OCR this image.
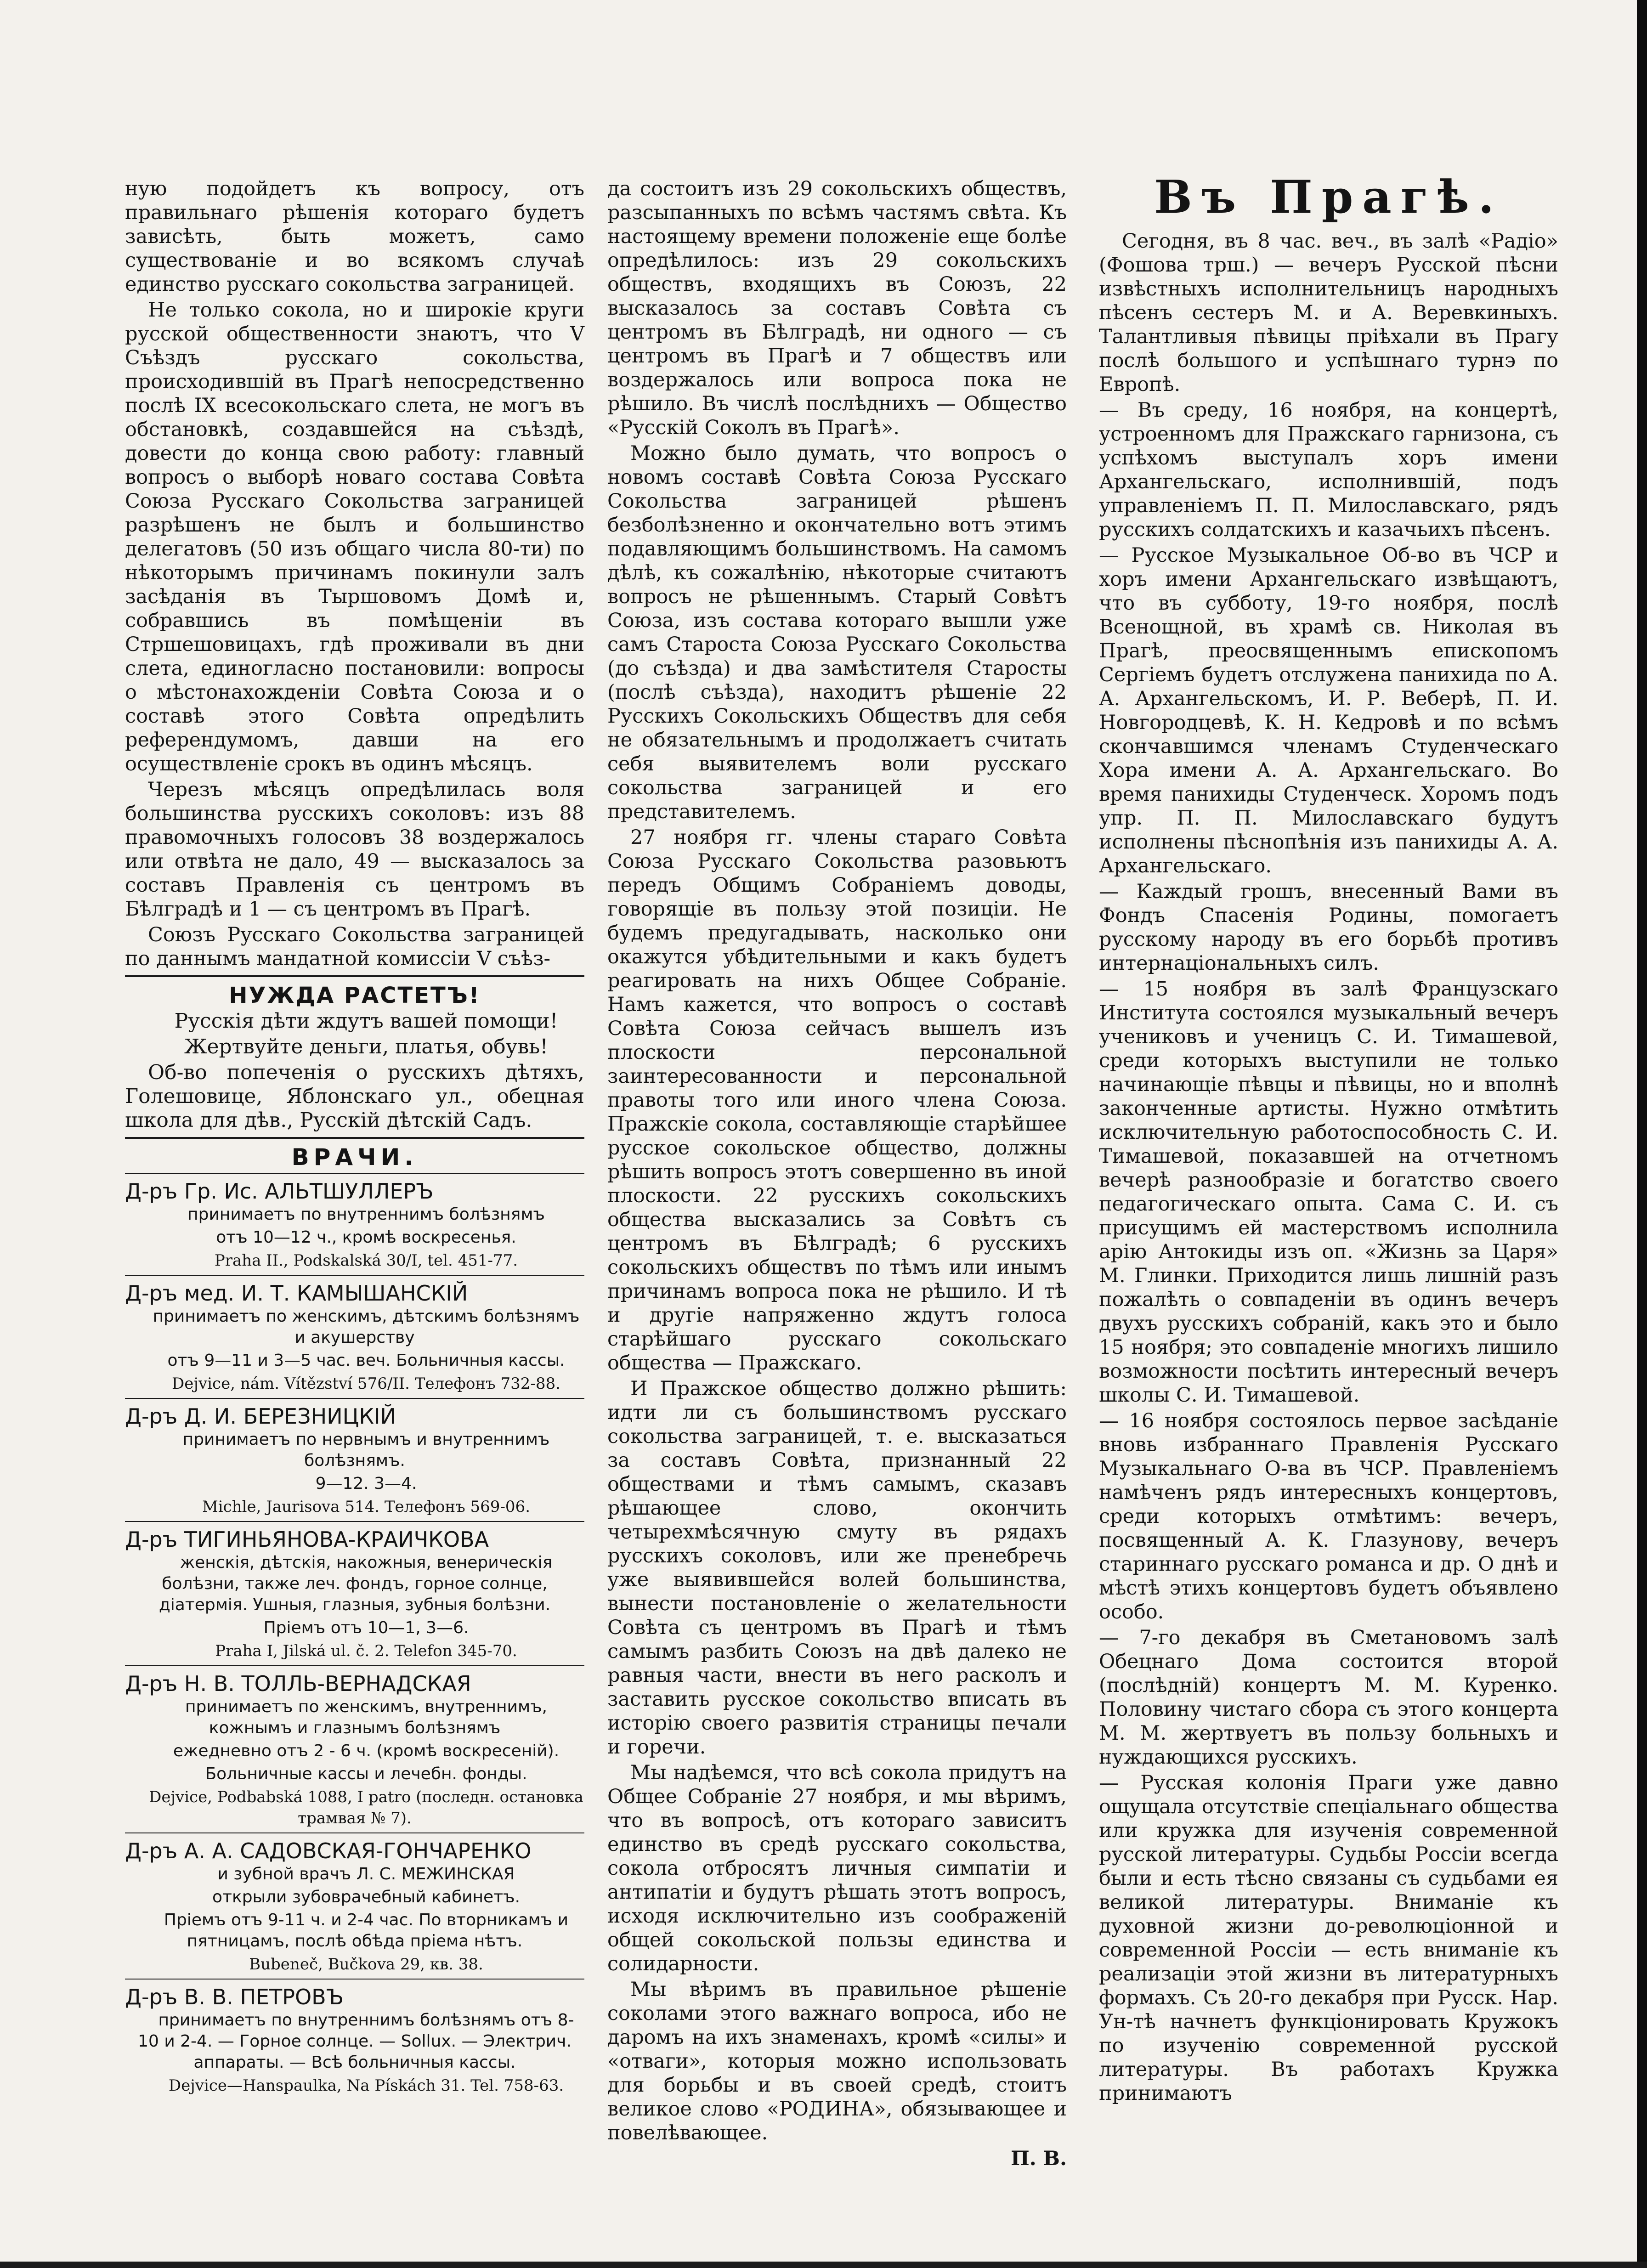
ную подойдетъ къ вопросу, отъ правильнаго рѣшенія котораго будетъ зависѣть, быть можетъ, само существованіе и во всякомъ случаѣ единство русскаго сокольства заграницей.

Не только сокола, но и широкіе круги русской общественности знаютъ, что V Съѣздъ русскаго сокольства, происходившій въ Прагѣ непосредственно послѣ IX всесокольскаго слета, не могъ въ обстановкѣ, создавшейся на съѣздѣ, довести до конца свою работу: главный вопросъ о выборѣ новаго состава Совѣта Союза Русскаго Сокольства заграницей разрѣшенъ не былъ и большинство делегатовъ (50 изъ общаго числа 80-ти) по нѣкоторымъ причинамъ покинули залъ засѣданія въ Тыршовомъ Домѣ и, собравшись въ помѣщеніи въ Стршешовицахъ, гдѣ проживали въ дни слета, единогласно постановили: вопросы о мѣстонахожденіи Совѣта Союза и о составѣ этого Совѣта опредѣлить референдумомъ, давши на его осуществленіе срокъ въ одинъ мѣсяцъ.

Черезъ мѣсяцъ опредѣлилась воля большинства русскихъ соколовъ: изъ 88 правомочныхъ голосовъ 38 воздержалось или отвѣта не дало, 49 — высказалось за составъ Правленія съ центромъ въ Бѣлградѣ и 1 — съ центромъ въ Прагѣ.

Союзъ Русскаго Сокольства заграницей по даннымъ мандатной комиссіи V съѣз-

НУЖДА РАСТЕТЪ!

Русскія дѣти ждутъ вашей помощи!

Жертвуйте деньги, платья, обувь!

Об-во попеченія о русскихъ дѣтяхъ, Голешовице, Яблонскаго ул., обецная школа для дѣв., Русскій дѣтскій Садъ.

ВРАЧИ.
Д-ръ Гр. Ис. АЛЬТШУЛЛЕРЪ

принимаетъ по внутреннимъ болѣзнямъ

отъ 10—12 ч., кромѣ воскресенья.

Praha II., Podskalská 30/I, tel. 451-77.

Д-ръ мед. И. Т. КАМЫШАНСКІЙ

принимаетъ по женскимъ, дѣтскимъ болѣзнямъ и акушерству

отъ 9—11 и 3—5 час. веч. Больничныя кассы.

Dejvice, nám. Vítězství 576/II. Телефонъ 732-88.

Д-ръ Д. И. БЕРЕЗНИЦКІЙ

принимаетъ по нервнымъ и внутреннимъ болѣзнямъ.

9—12. 3—4.

Michle, Jaurisova 514. Телефонъ 569-06.

Д-ръ ТИГИНЬЯНОВА-КРАИЧКОВА

женскія, дѣтскія, накожныя, венерическія болѣзни, также леч. фондъ, горное солнце, діатермія. Ушныя, глазныя, зубныя болѣзни.

Пріемъ отъ 10—1, 3—6.

Praha I, Jilská ul. č. 2. Telefon 345-70.

Д-ръ Н. В. ТОЛЛЬ-ВЕРНАДСКАЯ

принимаетъ по женскимъ, внутреннимъ, кожнымъ и глазнымъ болѣзнямъ

ежедневно отъ 2 - 6 ч. (кромѣ воскресеній).

Больничные кассы и лечебн. фонды.

Dejvice, Podbabská 1088, I patro (последн. остановка трамвая № 7).

Д-ръ А. А. САДОВСКАЯ-ГОНЧАРЕНКО

и зубной врачъ Л. С. МЕЖИНСКАЯ

открыли зубоврачебный кабинетъ.

Пріемъ отъ 9-11 ч. и 2-4 час. По вторникамъ и пятницамъ, послѣ обѣда пріема нѣтъ.

Bubeneč, Bučkova 29, кв. 38.

Д-ръ В. В. ПЕТРОВЪ

принимаетъ по внутреннимъ болѣзнямъ отъ 8-10 и 2-4. — Горное солнце. — Sollux. — Электрич. аппараты. — Всѣ больничныя кассы.

Dejvice—Hanspaulka, Na Pískách 31. Tel. 758-63.

да состоитъ изъ 29 сокольскихъ обществъ, разсыпанныхъ по всѣмъ частямъ свѣта. Къ настоящему времени положеніе еще болѣе опредѣлилось: изъ 29 сокольскихъ обществъ, входящихъ въ Союзъ, 22 высказалось за составъ Совѣта съ центромъ въ Бѣлградѣ, ни одного — съ центромъ въ Прагѣ и 7 обществъ или воздержалось или вопроса пока не рѣшило. Въ числѣ послѣднихъ — Общество «Русскій Соколъ въ Прагѣ».

Можно было думать, что вопросъ о новомъ составѣ Совѣта Союза Русскаго Сокольства заграницей рѣшенъ безболѣзненно и окончательно вотъ этимъ подавляющимъ большинствомъ. На самомъ дѣлѣ, къ сожалѣнію, нѣкоторые считаютъ вопросъ не рѣшеннымъ. Старый Совѣтъ Союза, изъ состава котораго вышли уже самъ Староста Союза Русскаго Сокольства (до съѣзда) и два замѣстителя Старосты (послѣ съѣзда), находитъ рѣшеніе 22 Русскихъ Сокольскихъ Обществъ для себя не обязательнымъ и продолжаетъ считать себя выявителемъ воли русскаго сокольства заграницей и его представителемъ.

27 ноября гг. члены стараго Совѣта Союза Русскаго Сокольства разовьютъ передъ Общимъ Собраніемъ доводы, говорящіе въ пользу этой позиціи. Не будемъ предугадывать, насколько они окажутся убѣдительными и какъ будетъ реагировать на нихъ Общее Собраніе. Намъ кажется, что вопросъ о составѣ Совѣта Союза сейчасъ вышелъ изъ плоскости персональной заинтересованности и персональной правоты того или иного члена Союза. Пражскіе сокола, составляющіе старѣйшее русское сокольское общество, должны рѣшить вопросъ этотъ совершенно въ иной плоскости. 22 русскихъ сокольскихъ общества высказались за Совѣтъ съ центромъ въ Бѣлградѣ; 6 русскихъ сокольскихъ обществъ по тѣмъ или инымъ причинамъ вопроса пока не рѣшило. И тѣ и другіе напряженно ждутъ голоса старѣйшаго русскаго сокольскаго общества — Пражскаго.

И Пражское общество должно рѣшить: идти ли съ большинствомъ русскаго сокольства заграницей, т. е. высказаться за составъ Совѣта, признанный 22 обществами и тѣмъ самымъ, сказавъ рѣшающее слово, окончить четырехмѣсячную смуту въ рядахъ русскихъ соколовъ, или же пренебречь уже выявившейся волей большинства, вынести постановленіе о желательности Совѣта съ центромъ въ Прагѣ и тѣмъ самымъ разбить Союзъ на двѣ далеко не равныя части, внести въ него расколъ и заставить русское сокольство вписать въ исторію своего развитія страницы печали и горечи.

Мы надѣемся, что всѣ сокола придутъ на Общее Собраніе 27 ноября, и мы вѣримъ, что въ вопросѣ, отъ котораго зависитъ единство въ средѣ русскаго сокольства, сокола отбросятъ личныя симпатіи и антипатіи и будутъ рѣшать этотъ вопросъ, исходя исключительно изъ соображеній общей сокольской пользы единства и солидарности.

Мы вѣримъ въ правильное рѣшеніе соколами этого важнаго вопроса, ибо не даромъ на ихъ знаменахъ, кромѣ «силы» и «отваги», которыя можно использовать для борьбы и въ своей средѣ, стоитъ великое слово «РОДИНА», обязывающее и повелѣвающее.

П. В.

Въ Прагѣ.

Сегодня, въ 8 час. веч., въ залѣ «Радіо» (Фошова трш.) — вечеръ Русской пѣсни извѣстныхъ исполнительницъ народныхъ пѣсенъ сестеръ М. и А. Веревкиныхъ. Талантливыя пѣвицы пріѣхали въ Прагу послѣ большого и успѣшнаго турнэ по Европѣ.

— Въ среду, 16 ноября, на концертѣ, устроенномъ для Пражскаго гарнизона, съ успѣхомъ выступалъ хоръ имени Архангельскаго, исполнившій, подъ управленіемъ П. П. Милославскаго, рядъ русскихъ солдатскихъ и казачьихъ пѣсенъ.

— Русское Музыкальное Об-во въ ЧСР и хоръ имени Архангельскаго извѣщаютъ, что въ субботу, 19-го ноября, послѣ Всенощной, въ храмѣ св. Николая въ Прагѣ, преосвященнымъ епископомъ Сергіемъ будетъ отслужена панихида по А. А. Архангельскомъ, И. Р. Веберѣ, П. И. Новгородцевѣ, К. Н. Кедровѣ и по всѣмъ скончавшимся членамъ Студенческаго Хора имени А. А. Архангельскаго. Во время панихиды Студенческ. Хоромъ подъ упр. П. П. Милославскаго будутъ исполнены пѣснопѣнія изъ панихиды А. А. Архангельскаго.

— Каждый грошъ, внесенный Вами въ Фондъ Спасенія Родины, помогаетъ русскому народу въ его борьбѣ противъ интернаціональныхъ силъ.

— 15 ноября въ залѣ Французскаго Института состоялся музыкальный вечеръ учениковъ и ученицъ С. И. Тимашевой, среди которыхъ выступили не только начинающіе пѣвцы и пѣвицы, но и вполнѣ законченные артисты. Нужно отмѣтить исключительную работоспособность С. И. Тимашевой, показавшей на отчетномъ вечерѣ разнообразіе и богатство своего педагогическаго опыта. Сама С. И. съ присущимъ ей мастерствомъ исполнила арію Антокиды изъ оп. «Жизнь за Царя» М. Глинки. Приходится лишь лишній разъ пожалѣть о совпаденіи въ одинъ вечеръ двухъ русскихъ собраній, какъ это и было 15 ноября; это совпаденіе многихъ лишило возможности посѣтить интересный вечеръ школы С. И. Тимашевой.

— 16 ноября состоялось первое засѣданіе вновь избраннаго Правленія Русскаго Музыкальнаго О-ва въ ЧСР. Правленіемъ намѣченъ рядъ интересныхъ концертовъ, среди которыхъ отмѣтимъ: вечеръ, посвященный А. К. Глазунову, вечеръ стариннаго русскаго романса и др. О днѣ и мѣстѣ этихъ концертовъ будетъ объявлено особо.

— 7-го декабря въ Сметановомъ залѣ Обецнаго Дома состоится второй (послѣдній) концертъ М. М. Куренко. Половину чистаго сбора съ этого концерта М. М. жертвуетъ въ пользу больныхъ и нуждающихся русскихъ.

— Русская колонія Праги уже давно ощущала отсутствіе спеціальнаго общества или кружка для изученія современной русской литературы. Судьбы Россіи всегда были и есть тѣсно связаны съ судьбами ея великой литературы. Вниманіе къ духовной жизни до-революціонной и современной Россіи — есть вниманіе къ реализаціи этой жизни въ литературныхъ формахъ. Съ 20-го декабря при Русск. Нар. Ун-тѣ начнетъ функціонировать Кружокъ по изученію современной русской литературы. Въ работахъ Кружка принимаютъ
